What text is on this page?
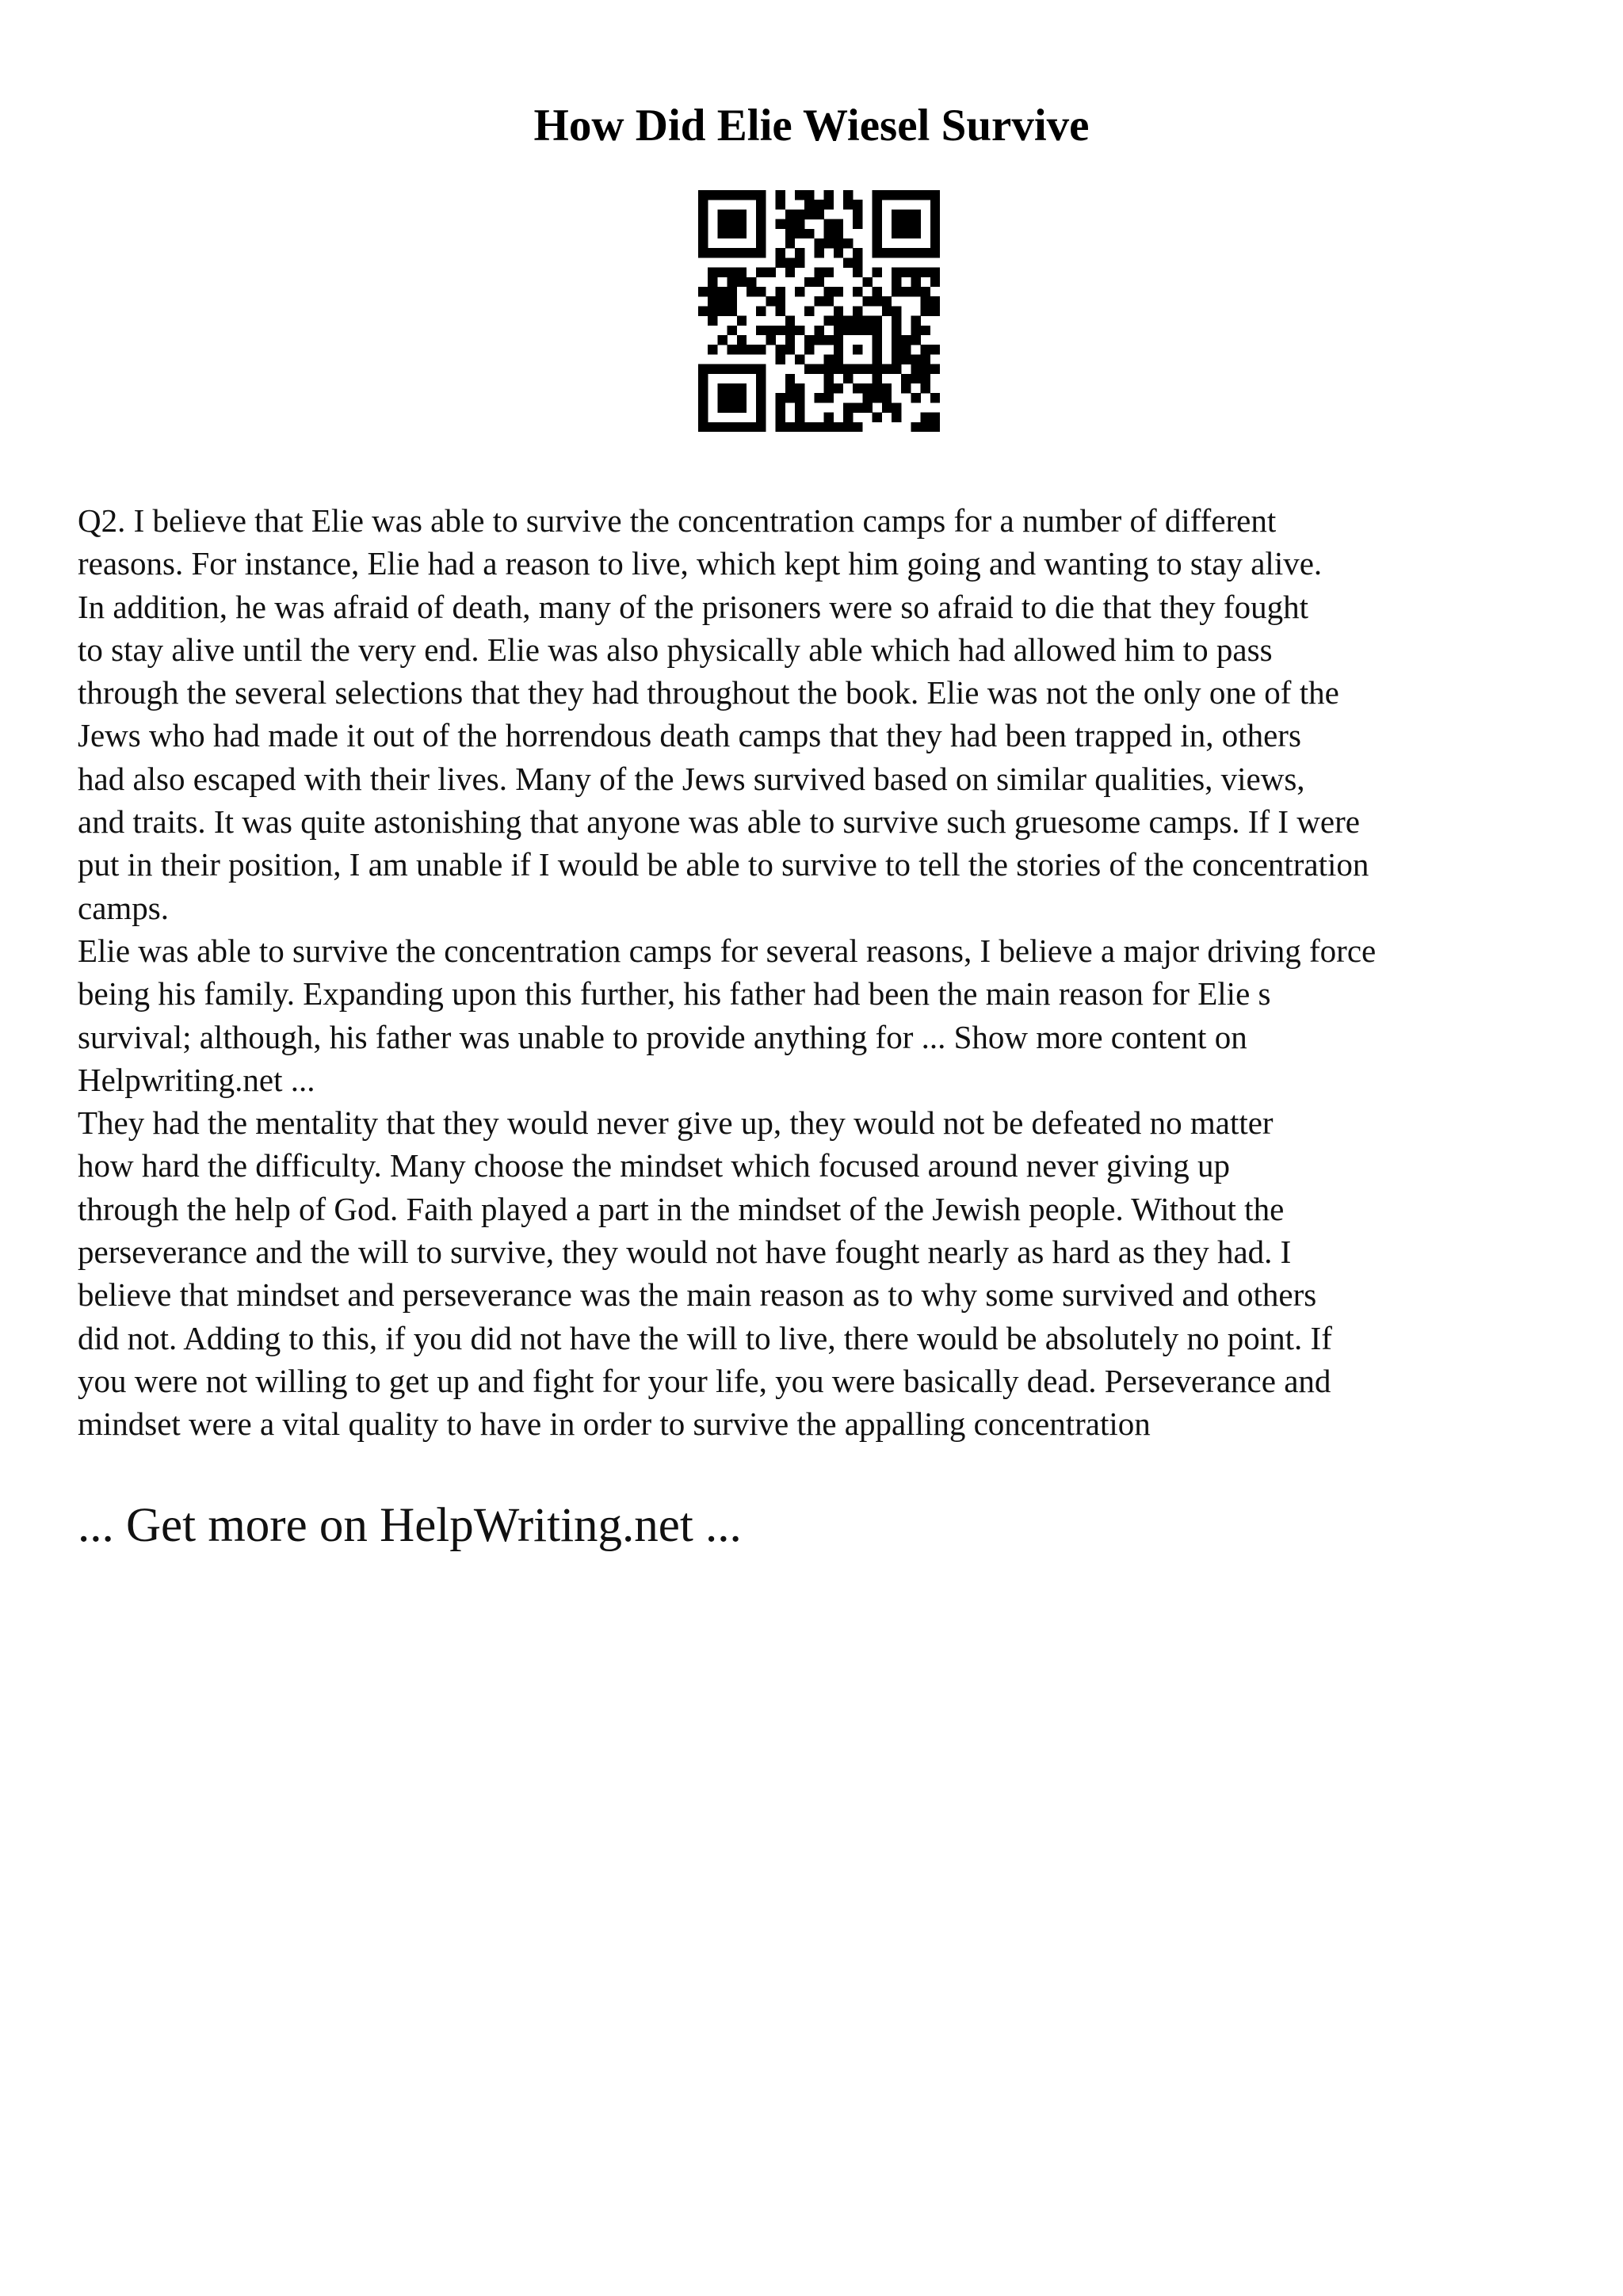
How Did Elie Wiesel Survive

Q2. I believe that Elie was able to survive the concentration camps for a number of different
reasons. For instance, Elie had a reason to live, which kept him going and wanting to stay alive.
In addition, he was afraid of death, many of the prisoners were so afraid to die that they fought
to stay alive until the very end. Elie was also physically able which had allowed him to pass
through the several selections that they had throughout the book. Elie was not the only one of the
Jews who had made it out of the horrendous death camps that they had been trapped in, others
had also escaped with their lives. Many of the Jews survived based on similar qualities, views,
and traits. It was quite astonishing that anyone was able to survive such gruesome camps. If I were
put in their position, I am unable if I would be able to survive to tell the stories of the concentration
camps.

Elie was able to survive the concentration camps for several reasons, I believe a major driving force
being his family. Expanding upon this further, his father had been the main reason for Elie s
survival; although, his father was unable to provide anything for ... Show more content on
Helpwriting.net ...

They had the mentality that they would never give up, they would not be defeated no matter
how hard the difficulty. Many choose the mindset which focused around never giving up
through the help of God. Faith played a part in the mindset of the Jewish people. Without the
perseverance and the will to survive, they would not have fought nearly as hard as they had. I
believe that mindset and perseverance was the main reason as to why some survived and others
did not. Adding to this, if you did not have the will to live, there would be absolutely no point. If
you were not willing to get up and fight for your life, you were basically dead. Perseverance and
mindset were a vital quality to have in order to survive the appalling concentration

... Get more on HelpWriting.net ...
